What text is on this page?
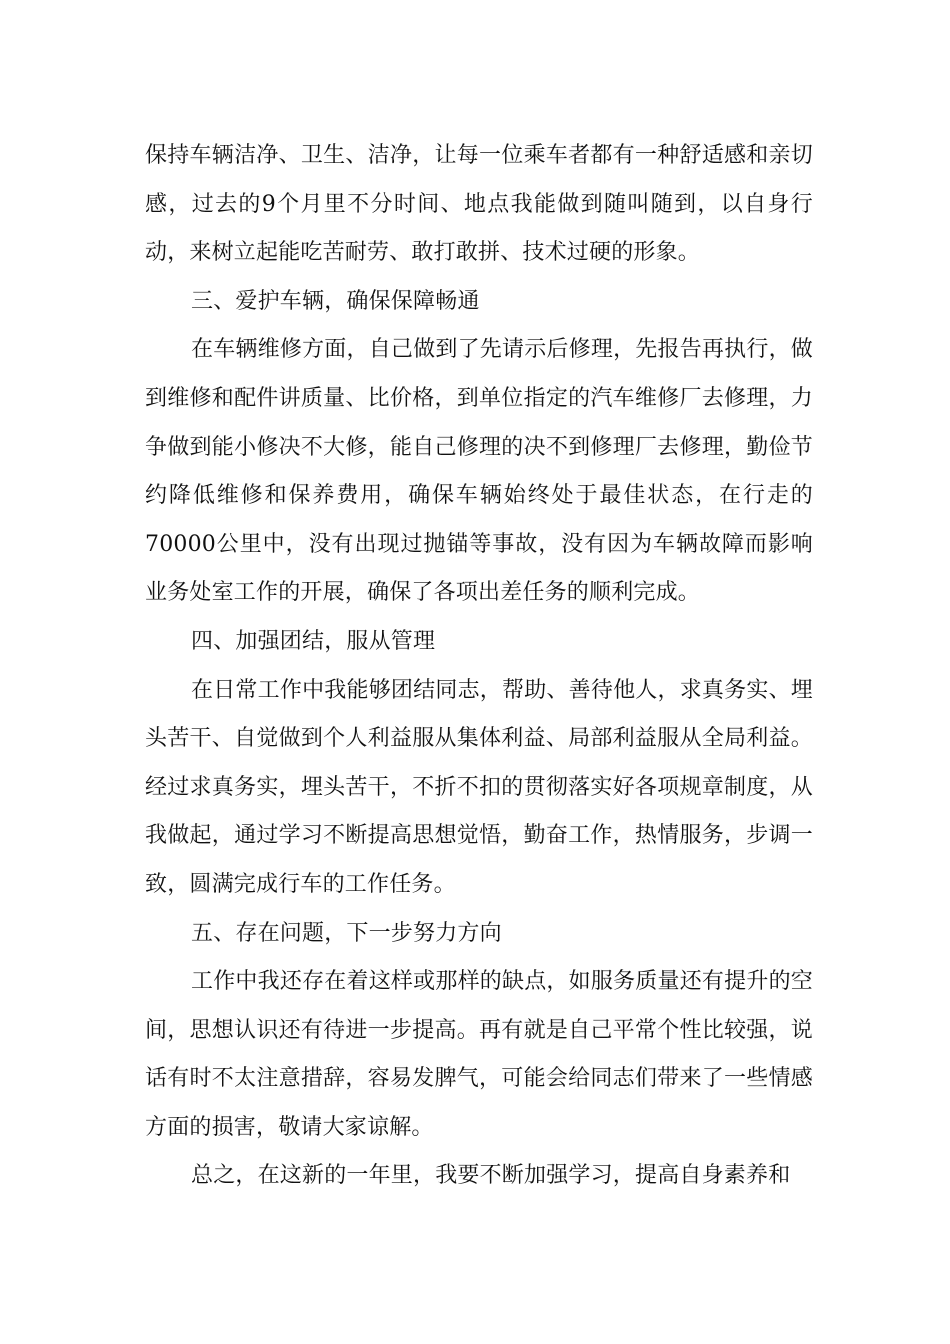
保持车辆洁净、卫生、洁净，让每一位乘车者都有一种舒适感和亲切感，过去的9个月里不分时间、地点我能做到随叫随到，以自身行动，来树立起能吃苦耐劳、敢打敢拼、技术过硬的形象。

三、爱护车辆，确保保障畅通

在车辆维修方面，自己做到了先请示后修理，先报告再执行，做到维修和配件讲质量、比价格，到单位指定的汽车维修厂去修理，力争做到能小修决不大修，能自己修理的决不到修理厂去修理，勤俭节约降低维修和保养费用，确保车辆始终处于最佳状态，在行走的70000公里中，没有出现过抛锚等事故，没有因为车辆故障而影响业务处室工作的开展，确保了各项出差任务的顺利完成。

四、加强团结，服从管理

在日常工作中我能够团结同志，帮助、善待他人，求真务实、埋头苦干、自觉做到个人利益服从集体利益、局部利益服从全局利益。经过求真务实，埋头苦干，不折不扣的贯彻落实好各项规章制度，从我做起，通过学习不断提高思想觉悟，勤奋工作，热情服务，步调一致，圆满完成行车的工作任务。

五、存在问题，下一步努力方向

工作中我还存在着这样或那样的缺点，如服务质量还有提升的空间，思想认识还有待进一步提高。再有就是自己平常个性比较强，说话有时不太注意措辞，容易发脾气，可能会给同志们带来了一些情感方面的损害，敬请大家谅解。

总之，在这新的一年里，我要不断加强学习，提高自身素养和
